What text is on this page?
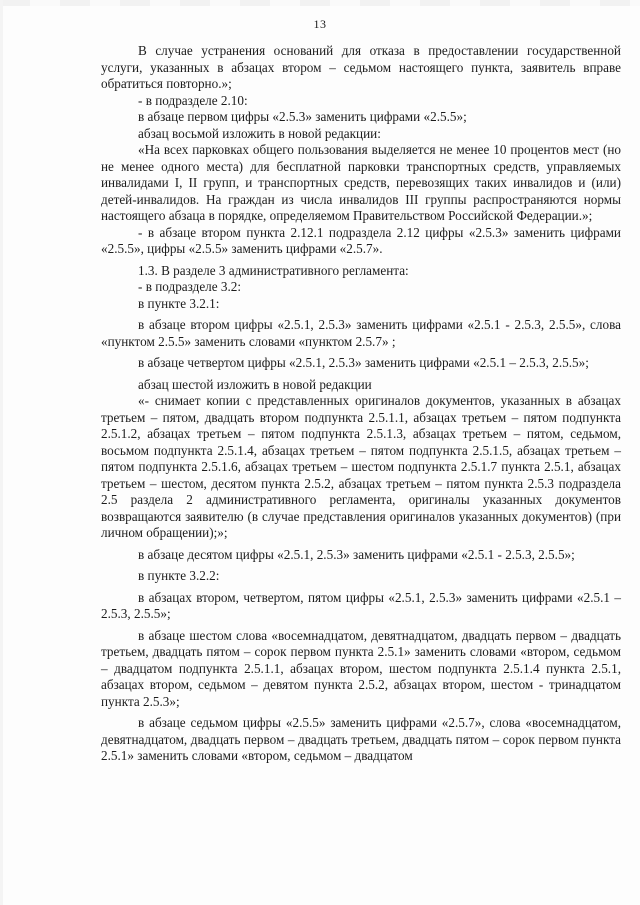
13

В случае устранения оснований для отказа в предоставлении государственной услуги, указанных в абзацах втором – седьмом настоящего пункта, заявитель вправе обратиться повторно.»;

- в подразделе 2.10:

в абзаце первом цифры «2.5.3» заменить цифрами «2.5.5»;

абзац восьмой изложить в новой редакции:

«На всех парковках общего пользования выделяется не менее 10 процентов мест (но не менее одного места) для бесплатной парковки транспортных средств, управляемых инвалидами I, II групп, и транспортных средств, перевозящих таких инвалидов и (или) детей-инвалидов. На граждан из числа инвалидов III группы распространяются нормы настоящего абзаца в порядке, определяемом Правительством Российской Федерации.»;

- в абзаце втором пункта 2.12.1 подраздела 2.12 цифры «2.5.3» заменить цифрами «2.5.5», цифры «2.5.5» заменить цифрами «2.5.7».

1.3. В разделе 3 административного регламента:

- в подразделе 3.2:

в пункте 3.2.1:

в абзаце втором цифры «2.5.1, 2.5.3» заменить цифрами «2.5.1 - 2.5.3, 2.5.5», слова «пунктом 2.5.5» заменить словами «пунктом 2.5.7» ;

в абзаце четвертом цифры «2.5.1, 2.5.3» заменить цифрами «2.5.1 – 2.5.3, 2.5.5»;

абзац шестой изложить в новой редакции

«- снимает копии с представленных оригиналов документов, указанных в абзацах третьем – пятом, двадцать втором подпункта 2.5.1.1, абзацах третьем – пятом подпункта 2.5.1.2, абзацах третьем – пятом подпункта 2.5.1.3, абзацах третьем – пятом, седьмом, восьмом подпункта 2.5.1.4, абзацах третьем – пятом подпункта 2.5.1.5, абзацах третьем – пятом подпункта 2.5.1.6, абзацах третьем – шестом подпункта 2.5.1.7 пункта 2.5.1, абзацах третьем – шестом, десятом пункта 2.5.2, абзацах третьем – пятом пункта 2.5.3 подраздела 2.5 раздела 2 административного регламента, оригиналы указанных документов возвращаются заявителю (в случае представления оригиналов указанных документов) (при личном обращении);»;

в абзаце десятом цифры «2.5.1, 2.5.3» заменить цифрами «2.5.1 - 2.5.3, 2.5.5»;

в пункте 3.2.2:

в абзацах втором, четвертом, пятом цифры «2.5.1, 2.5.3» заменить цифрами «2.5.1 – 2.5.3, 2.5.5»;

в абзаце шестом слова «восемнадцатом, девятнадцатом, двадцать первом – двадцать третьем, двадцать пятом – сорок первом пункта 2.5.1» заменить словами «втором, седьмом – двадцатом подпункта 2.5.1.1, абзацах втором, шестом подпункта 2.5.1.4 пункта 2.5.1, абзацах втором, седьмом – девятом пункта 2.5.2, абзацах втором, шестом - тринадцатом пункта 2.5.3»;

в абзаце седьмом цифры «2.5.5» заменить цифрами «2.5.7», слова «восемнадцатом, девятнадцатом, двадцать первом – двадцать третьем, двадцать пятом – сорок первом пункта 2.5.1» заменить словами «втором, седьмом – двадцатом
